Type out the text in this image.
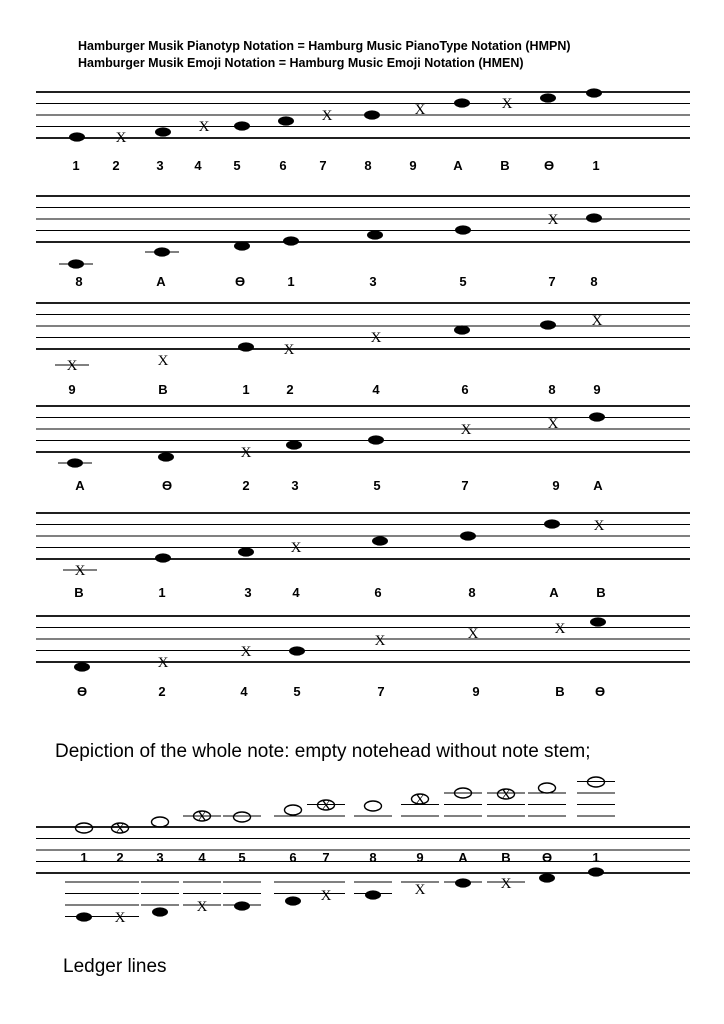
Hamburger Musik Pianotyp Notation = Hamburg Music PianoType Notation (HMPN)
Hamburger Musik Emoji Notation = Hamburg Music Emoji Notation (HMEN)
1
X
2	3
X
4 5	6
X
7	8
X
9	A
X
B	Ɵ	1
8	A	Ɵ	1	3	5
X
7	8
X
9
X
B	1
X
2
X
4	6	8
X
9
A	Ɵ
X
2	3	5
X
7
X
9	A
X
B	1	3
X
4	6	8	A
X
B
Ɵ
X
2
X
4	5
X
7
X
9
X
B Ɵ
1
X
2
X
3
X
4
X
5	6
X
7
X
8
X
9
X
A
X
B
X
Ɵ	1
Depiction of the whole note: empty notehead without note stem;
Ledger lines
